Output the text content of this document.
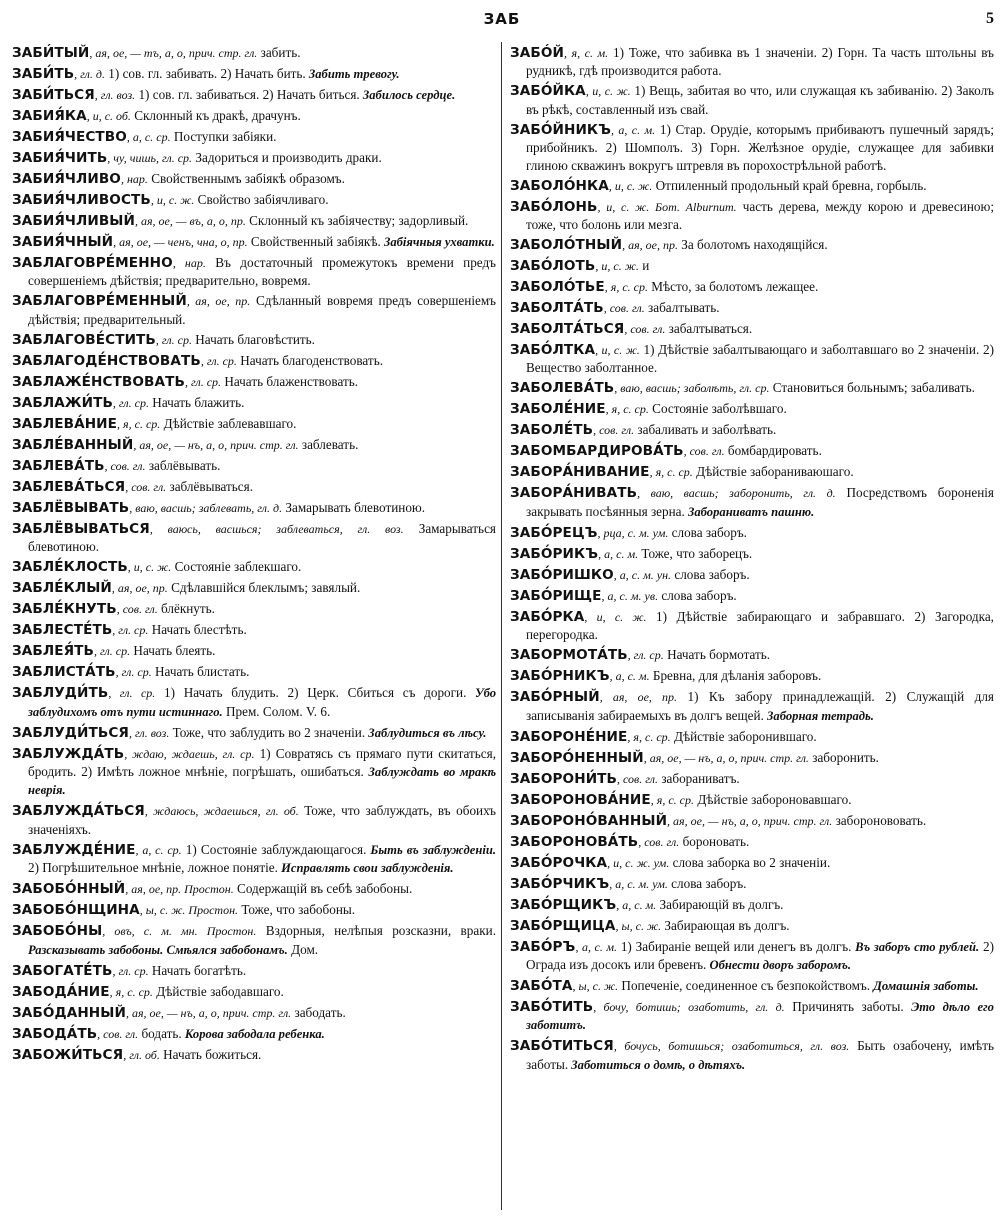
ЗАБ	5

ЗАБИ́ТЫЙ, ая, ое, — тъ, а, о, прич. стр. гл. забить.

ЗАБИ́ТЬ, гл. д. 1) сов. гл. забивать. 2) Начать бить. Забить тревогу.

ЗАБИ́ТЬСЯ, гл. воз. 1) сов. гл. забиваться. 2) Начать биться. Забилось сердце.

ЗАБИЯ́КА, и, с. об. Склонный къ дракѣ, драчунъ.

ЗАБИЯ́ЧЕСТВО, а, с. ср. Поступки забіяки.

ЗАБИЯ́ЧИТЬ, чу, чишь, гл. ср. Задориться и производить драки.

ЗАБИЯ́ЧЛИВО, нар. Свойственнымъ забіякѣ образомъ.

ЗАБИЯ́ЧЛИВОСТЬ, и, с. ж. Свойство забіячливаго.

ЗАБИЯ́ЧЛИВЫЙ, ая, ое, — въ, а, о, пр. Склонный къ забіячеству; задорливый.

ЗАБИЯ́ЧНЫЙ, ая, ое, — ченъ, чна, о, пр. Свойственный забіякѣ. Забіячныя ухватки.

ЗАБЛАГОВРЕ́МЕННО, нар. Въ достаточный промежутокъ времени предъ совершеніемъ дѣйствія; предварительно, вовремя.

ЗАБЛАГОВРЕ́МЕННЫЙ, ая, ое, пр. Сдѣланный вовремя предъ совершеніемъ дѣйствія; предварительный.

ЗАБЛАГОВЕ́СТИТЬ, гл. ср. Начать благовѣстить.

ЗАБЛАГОДЕ́НСТВОВАТЬ, гл. ср. Начать благоденствовать.

ЗАБЛАЖЕ́НСТВОВАТЬ, гл. ср. Начать блаженствовать.

ЗАБЛАЖИ́ТЬ, гл. ср. Начать блажить.

ЗАБЛЕВА́НИЕ, я, с. ср. Дѣйствіе заблевавшаго.

ЗАБЛЕ́ВАННЫЙ, ая, ое, — нъ, а, о, прич. стр. гл. заблевать.

ЗАБЛЕВА́ТЬ, сов. гл. заблёвывать.

ЗАБЛЕВА́ТЬСЯ, сов. гл. заблёвываться.

ЗАБЛЁВЫВАТЬ, ваю, васшь; заблевать, гл. д. Замарывать блевотиною.

ЗАБЛЁВЫВАТЬСЯ, ваюсь, васшься; заблеваться, гл. воз. Замарываться блевотиною.

ЗАБЛЕ́КЛОСТЬ, и, с. ж. Состояніе заблекшаго.

ЗАБЛЕ́КЛЫЙ, ая, ое, пр. Сдѣлавшійся блеклымъ; завялый.

ЗАБЛЕ́КНУТЬ, сов. гл. блёкнуть.

ЗАБЛЕСТЕ́ТЬ, гл. ср. Начать блестѣть.

ЗАБЛЕЯ́ТЬ, гл. ср. Начать блеять.

ЗАБЛИСТА́ТЬ, гл. ср. Начать блистать.

ЗАБЛУДИ́ТЬ, гл. ср. 1) Начать блудить. 2) Церк. Сбиться съ дороги. Убо заблудихомъ отъ пути истиннаго. Прем. Солом. V. 6.

ЗАБЛУДИ́ТЬСЯ, гл. воз. Тоже, что заблудить во 2 значеніи. Заблудиться въ лѣсу.

ЗАБЛУЖДА́ТЬ, ждаю, ждаешь, гл. ср. 1) Совратясь съ прямаго пути скитаться, бродить. 2) Имѣть ложное мнѣніе, погрѣшать, ошибаться. Заблуждать во мракѣ неврія.

ЗАБЛУЖДА́ТЬСЯ, ждаюсь, ждаешься, гл. об. Тоже, что заблуждать, въ обоихъ значеніяхъ.

ЗАБЛУЖДЕ́НИЕ, а, с. ср. 1) Состояніе заблуждающагося. Быть въ заблужденіи. 2) Погрѣшительное мнѣніе, ложное понятіе. Исправлять свои заблужденія.

ЗАБОБО́ННЫЙ, ая, ое, пр. Простон. Содержащій въ себѣ забобоны.

ЗАБОБО́НЩИНА, ы, с. ж. Простон. Тоже, что забобоны.

ЗАБОБО́НЫ, овъ, с. м. мн. Простон. Вздорныя, нелѣпыя розсказни, враки. Разсказывать забобоны. Смѣялся забобонамъ. Дом.

ЗАБОГАТЕ́ТЬ, гл. ср. Начать богатѣть.

ЗАБОДА́НИЕ, я, с. ср. Дѣйствіе забодавшаго.

ЗАБО́ДАННЫЙ, ая, ое, — нъ, а, о, прич. стр. гл. забодать.

ЗАБОДА́ТЬ, сов. гл. бодать. Корова забодала ребенка.

ЗАБОЖИ́ТЬСЯ, гл. об. Начать божиться.

ЗАБО́Й, я, с. м. 1) Тоже, что забивка въ 1 значеніи. 2) Горн. Та часть штольны въ рудникѣ, гдѣ производится работа.

ЗАБО́ЙКА, и, с. ж. 1) Вещь, забитая во что, или служащая къ забиванію. 2) Заколъ въ рѣкѣ, составленный изъ свай.

ЗАБО́ЙНИКЪ, а, с. м. 1) Стар. Орудіе, которымъ прибиваютъ пушечный зарядъ; прибойникъ. 2) Шомполъ. 3) Горн. Желѣзное орудіе, служащее для забивки глиною скважинъ вокругъ штревля въ порохострѣльной работѣ.

ЗАБОЛО́НКА, и, с. ж. Отпиленный продольный край бревна, горбыль.

ЗАБО́ЛОНЬ, и, с. ж. Бот. Alburnum. часть дерева, между корою и древесиною; тоже, что болонь или мезга.

ЗАБОЛО́ТНЫЙ, ая, ое, пр. За болотомъ находящійся.

ЗАБО́ЛОТЬ, и, с. ж. и

ЗАБОЛО́ТЬЕ, я, с. ср. Мѣсто, за болотомъ лежащее.

ЗАБОЛТА́ТЬ, сов. гл. забалтывать.

ЗАБОЛТА́ТЬСЯ, сов. гл. забалтываться.

ЗАБО́ЛТКА, и, с. ж. 1) Дѣйствіе забалтывающаго и заболтавшаго во 2 значеніи. 2) Вещество заболтанное.

ЗАБОЛЕВА́ТЬ, ваю, васшь; заболѣть, гл. ср. Становиться больнымъ; забаливать.

ЗАБОЛЕ́НИЕ, я, с. ср. Состояніе заболѣвшаго.

ЗАБОЛЕ́ТЬ, сов. гл. забаливать и заболѣвать.

ЗАБОМБАРДИРОВА́ТЬ, сов. гл. бомбардировать.

ЗАБОРА́НИВАНИЕ, я, с. ср. Дѣйствіе забораниваюшаго.

ЗАБОРА́НИВАТЬ, ваю, васшь; заборонить, гл. д. Посредствомъ бороненія закрывать посѣянныя зерна. Забораниватъ пашню.

ЗАБО́РЕЦЪ, рца, с. м. ум. слова заборъ.

ЗАБО́РИКЪ, а, с. м. Тоже, что заборецъ.

ЗАБО́РИШКО, а, с. м. ун. слова заборъ.

ЗАБО́РИЩЕ, а, с. м. ув. слова заборъ.

ЗАБО́РКА, и, с. ж. 1) Дѣйствіе забирающаго и забравшаго. 2) Загородка, перегородка.

ЗАБОРМОТА́ТЬ, гл. ср. Начать бормотать.

ЗАБО́РНИКЪ, а, с. м. Бревна, для дѣланія заборовъ.

ЗАБО́РНЫЙ, ая, ое, пр. 1) Къ забору принадлежащій. 2) Служащій для записыванія забираемыхъ въ долгъ вещей. Заборная тетрадь.

ЗАБОРОНЕ́НИЕ, я, с. ср. Дѣйствіе заборонившаго.

ЗАБОРО́НЕННЫЙ, ая, ое, — нъ, а, о, прич. стр. гл. заборонить.

ЗАБОРОНИ́ТЬ, сов. гл. забораниватъ.

ЗАБОРОНОВА́НИЕ, я, с. ср. Дѣйствіе забороновавшаго.

ЗАБОРОНО́ВАННЫЙ, ая, ое, — нъ, а, о, прич. стр. гл. заборонововать.

ЗАБОРОНОВА́ТЬ, сов. гл. бороновать.

ЗАБО́РОЧКА, и, с. ж. ум. слова заборка во 2 значеніи.

ЗАБО́РЧИКЪ, а, с. м. ум. слова заборъ.

ЗАБО́РЩИКЪ, а, с. м. Забирающій въ долгъ.

ЗАБО́РЩИЦА, ы, с. ж. Забирающая въ долгъ.

ЗАБО́РЪ, а, с. м. 1) Забираніе вещей или денегъ въ долгъ. Въ заборъ сто рублей. 2) Ограда изъ досокъ или бревенъ. Обнести дворъ заборомъ.

ЗАБО́ТА, ы, с. ж. Попеченіе, соединенное съ безпокойствомъ. Домашнія заботы.

ЗАБО́ТИТЬ, бочу, ботишь; озаботить, гл. д. Причинять заботы. Это дѣло его заботитъ.

ЗАБО́ТИТЬСЯ, бочусь, ботишься; озаботиться, гл. воз. Быть озабочену, имѣть заботы. Заботиться о домѣ, о дѣтяхъ.
